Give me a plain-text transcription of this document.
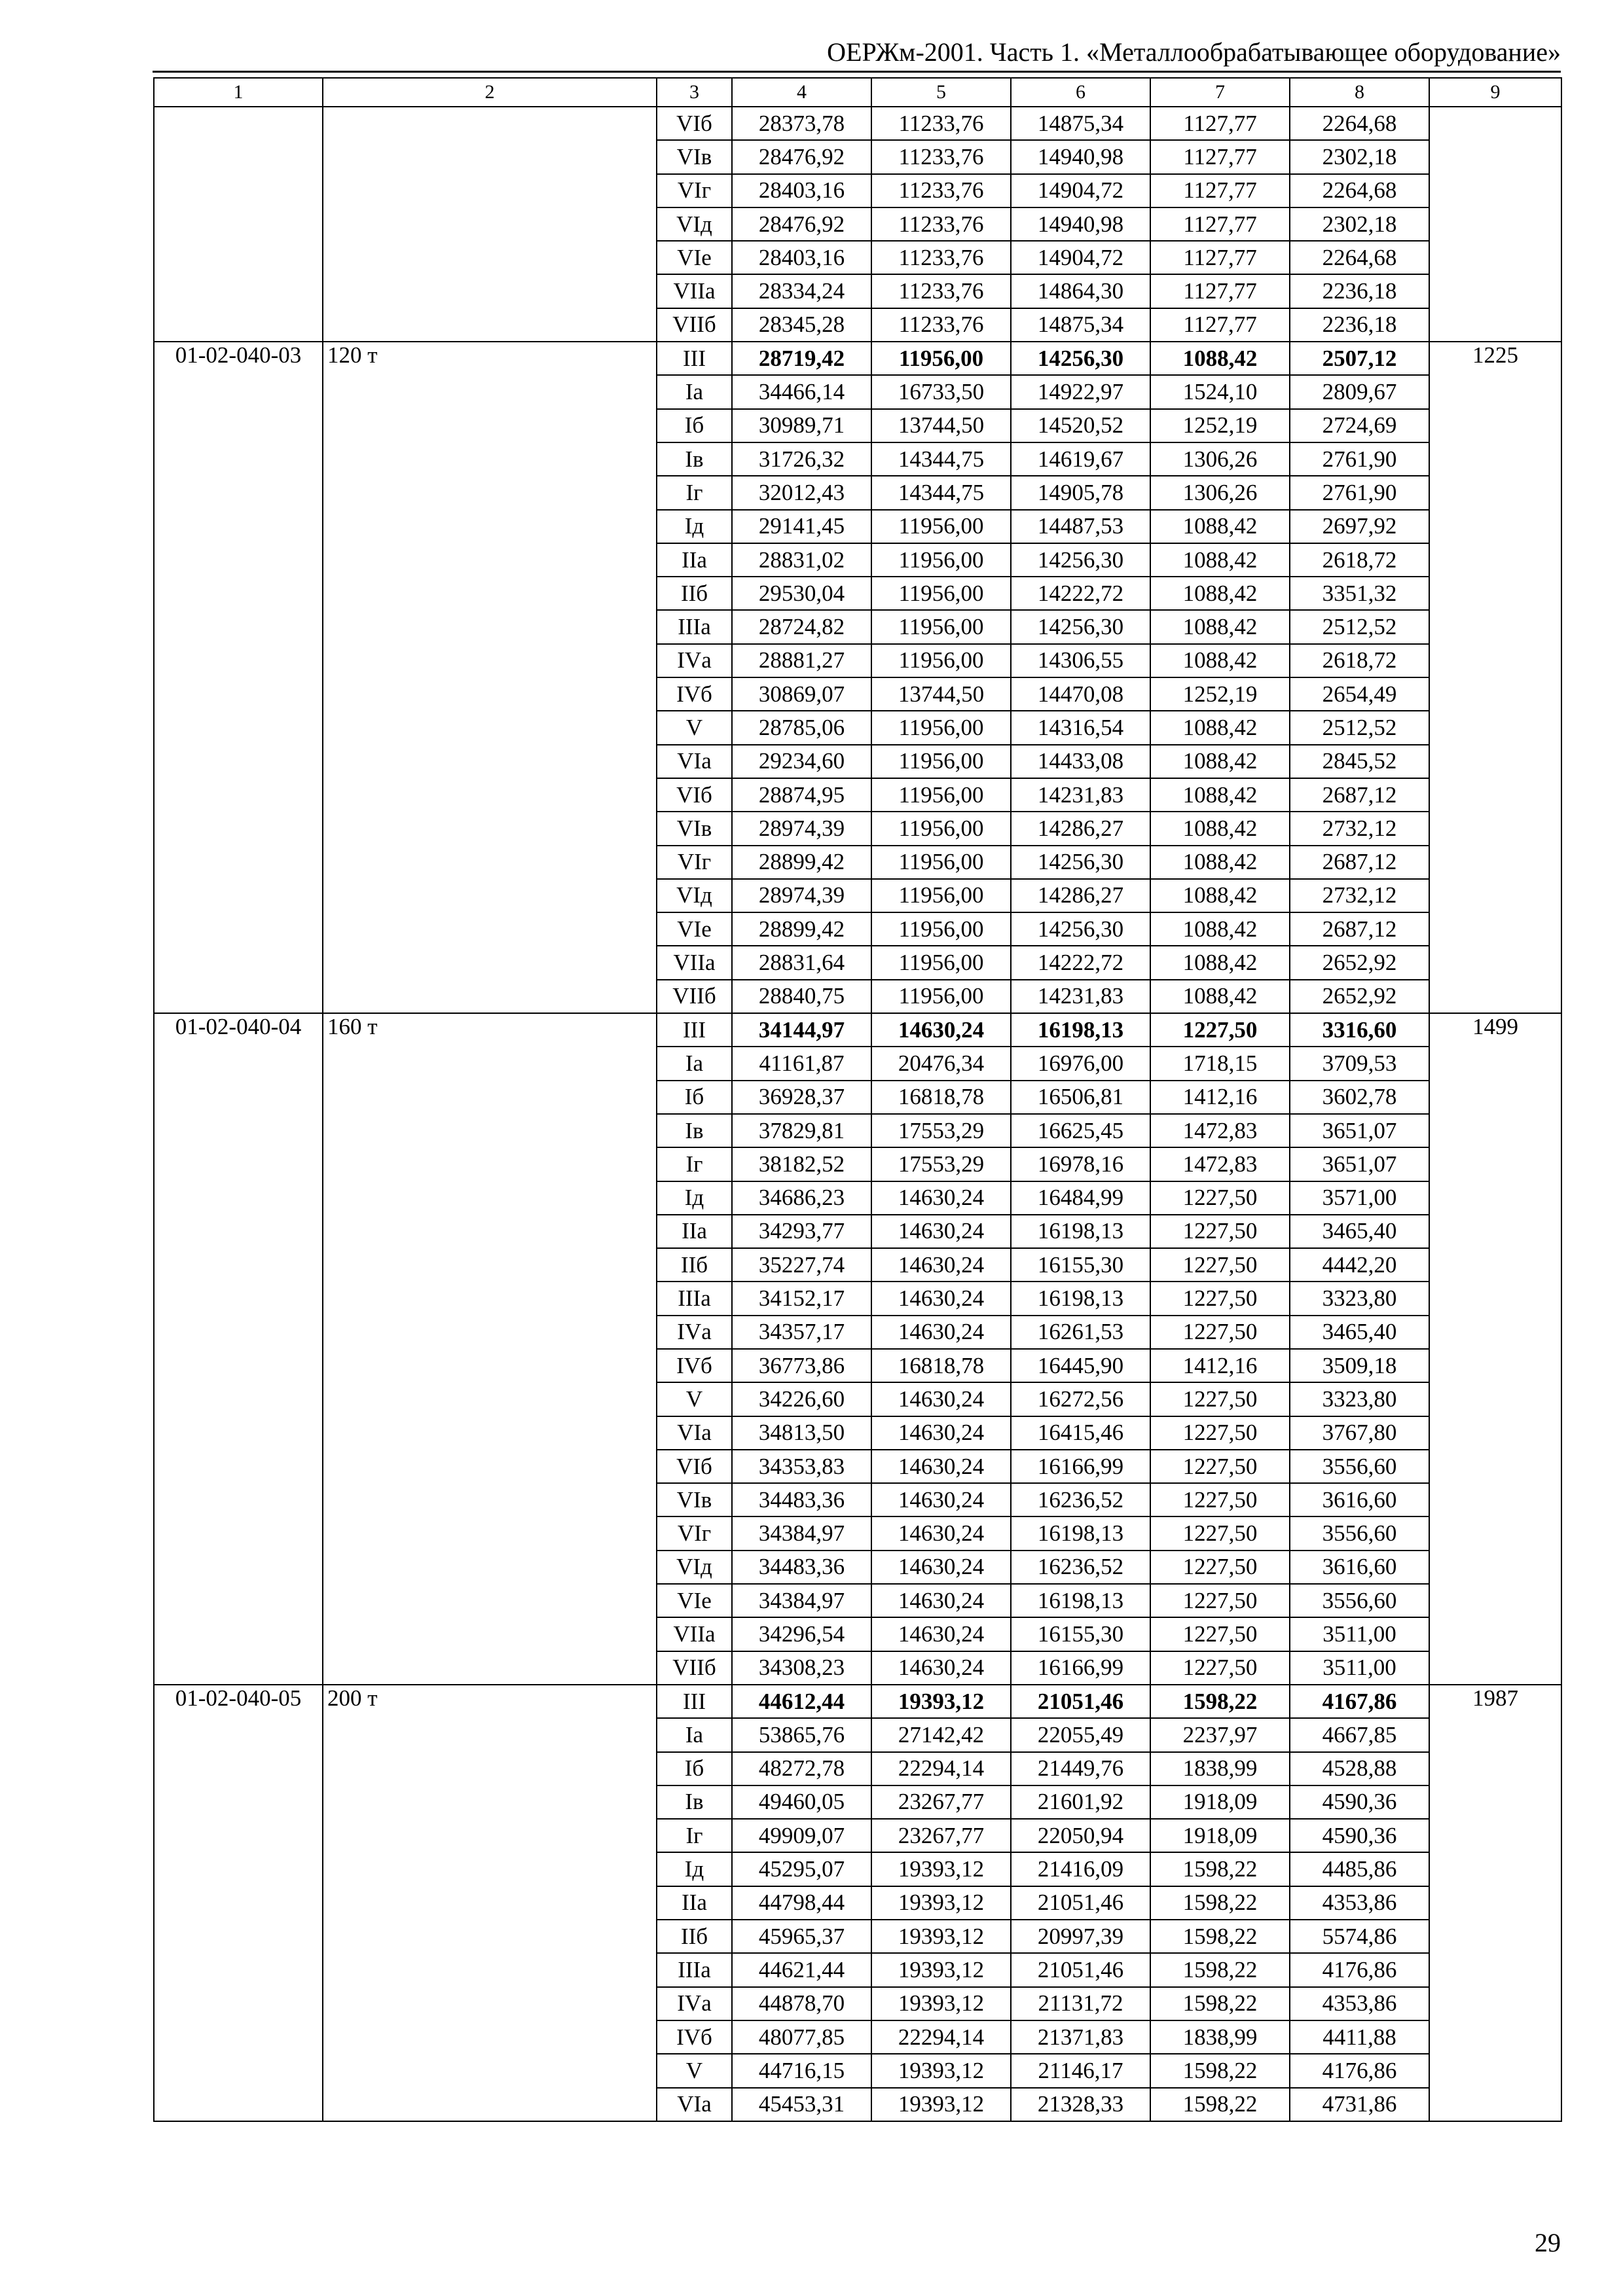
ОЕРЖм-2001. Часть 1. «Металлообрабатывающее оборудование»
1	2	3	4	5	6	7	8	9
		VIб	28373,78	11233,76	14875,34	1127,77	2264,68	
		VIв	28476,92	11233,76	14940,98	1127,77	2302,18	
		VIг	28403,16	11233,76	14904,72	1127,77	2264,68	
		VIд	28476,92	11233,76	14940,98	1127,77	2302,18	
		VIе	28403,16	11233,76	14904,72	1127,77	2264,68	
		VIIа	28334,24	11233,76	14864,30	1127,77	2236,18	
		VIIб	28345,28	11233,76	14875,34	1127,77	2236,18	
01-02-040-03	120 т	III	28719,42	11956,00	14256,30	1088,42	2507,12	1225
		Iа	34466,14	16733,50	14922,97	1524,10	2809,67	
		Iб	30989,71	13744,50	14520,52	1252,19	2724,69	
		Iв	31726,32	14344,75	14619,67	1306,26	2761,90	
		Iг	32012,43	14344,75	14905,78	1306,26	2761,90	
		Iд	29141,45	11956,00	14487,53	1088,42	2697,92	
		IIа	28831,02	11956,00	14256,30	1088,42	2618,72	
		IIб	29530,04	11956,00	14222,72	1088,42	3351,32	
		IIIа	28724,82	11956,00	14256,30	1088,42	2512,52	
		IVа	28881,27	11956,00	14306,55	1088,42	2618,72	
		IVб	30869,07	13744,50	14470,08	1252,19	2654,49	
		V	28785,06	11956,00	14316,54	1088,42	2512,52	
		VIа	29234,60	11956,00	14433,08	1088,42	2845,52	
		VIб	28874,95	11956,00	14231,83	1088,42	2687,12	
		VIв	28974,39	11956,00	14286,27	1088,42	2732,12	
		VIг	28899,42	11956,00	14256,30	1088,42	2687,12	
		VIд	28974,39	11956,00	14286,27	1088,42	2732,12	
		VIе	28899,42	11956,00	14256,30	1088,42	2687,12	
		VIIа	28831,64	11956,00	14222,72	1088,42	2652,92	
		VIIб	28840,75	11956,00	14231,83	1088,42	2652,92	
01-02-040-04	160 т	III	34144,97	14630,24	16198,13	1227,50	3316,60	1499
		Iа	41161,87	20476,34	16976,00	1718,15	3709,53	
		Iб	36928,37	16818,78	16506,81	1412,16	3602,78	
		Iв	37829,81	17553,29	16625,45	1472,83	3651,07	
		Iг	38182,52	17553,29	16978,16	1472,83	3651,07	
		Iд	34686,23	14630,24	16484,99	1227,50	3571,00	
		IIа	34293,77	14630,24	16198,13	1227,50	3465,40	
		IIб	35227,74	14630,24	16155,30	1227,50	4442,20	
		IIIа	34152,17	14630,24	16198,13	1227,50	3323,80	
		IVа	34357,17	14630,24	16261,53	1227,50	3465,40	
		IVб	36773,86	16818,78	16445,90	1412,16	3509,18	
		V	34226,60	14630,24	16272,56	1227,50	3323,80	
		VIа	34813,50	14630,24	16415,46	1227,50	3767,80	
		VIб	34353,83	14630,24	16166,99	1227,50	3556,60	
		VIв	34483,36	14630,24	16236,52	1227,50	3616,60	
		VIг	34384,97	14630,24	16198,13	1227,50	3556,60	
		VIд	34483,36	14630,24	16236,52	1227,50	3616,60	
		VIе	34384,97	14630,24	16198,13	1227,50	3556,60	
		VIIа	34296,54	14630,24	16155,30	1227,50	3511,00	
		VIIб	34308,23	14630,24	16166,99	1227,50	3511,00	
01-02-040-05	200 т	III	44612,44	19393,12	21051,46	1598,22	4167,86	1987
		Iа	53865,76	27142,42	22055,49	2237,97	4667,85	
		Iб	48272,78	22294,14	21449,76	1838,99	4528,88	
		Iв	49460,05	23267,77	21601,92	1918,09	4590,36	
		Iг	49909,07	23267,77	22050,94	1918,09	4590,36	
		Iд	45295,07	19393,12	21416,09	1598,22	4485,86	
		IIа	44798,44	19393,12	21051,46	1598,22	4353,86	
		IIб	45965,37	19393,12	20997,39	1598,22	5574,86	
		IIIа	44621,44	19393,12	21051,46	1598,22	4176,86	
		IVа	44878,70	19393,12	21131,72	1598,22	4353,86	
		IVб	48077,85	22294,14	21371,83	1838,99	4411,88	
		V	44716,15	19393,12	21146,17	1598,22	4176,86	
		VIа	45453,31	19393,12	21328,33	1598,22	4731,86	
29
